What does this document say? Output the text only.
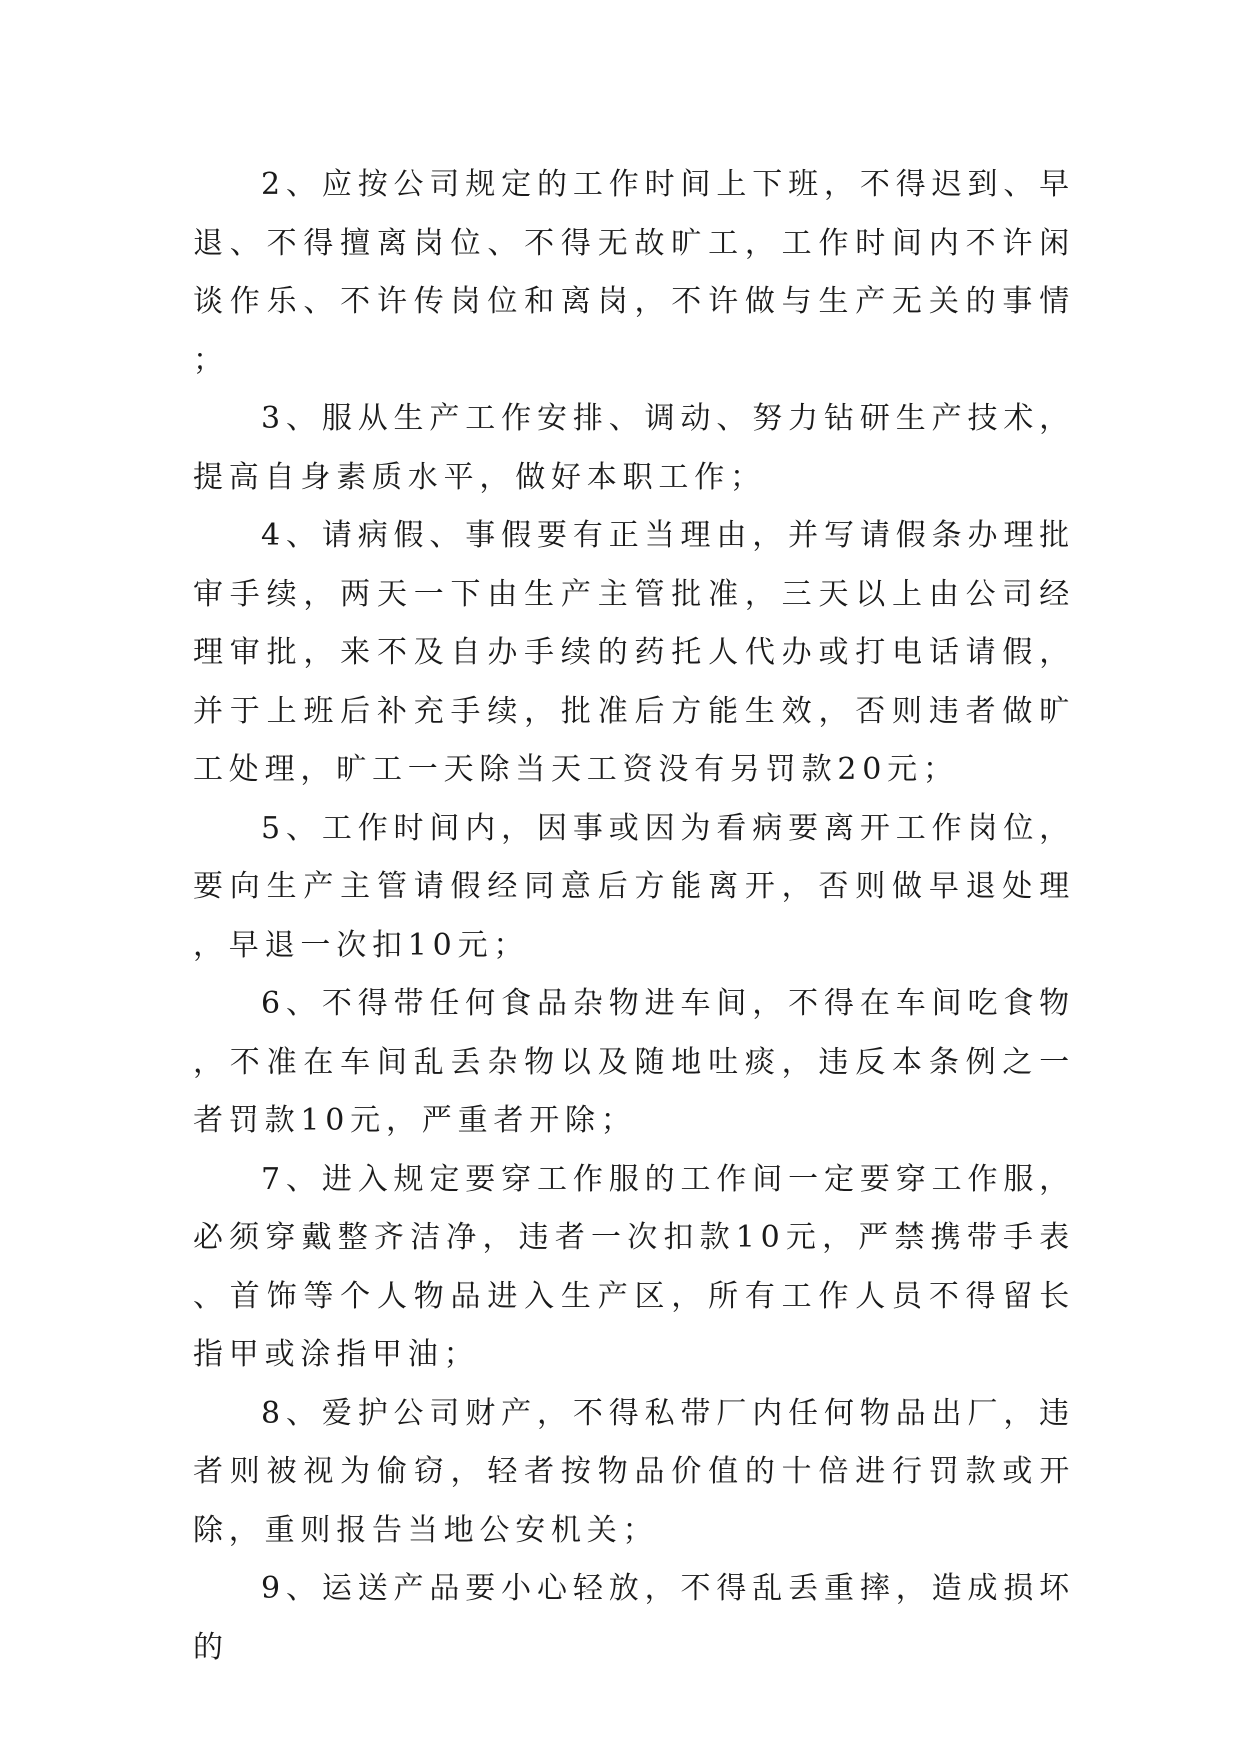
2、应按公司规定的工作时间上下班，不得迟到、早退、不得擅离岗位、不得无故旷工，工作时间内不许闲谈作乐、不许传岗位和离岗，不许做与生产无关的事情；

3、服从生产工作安排、调动、努力钻研生产技术，提高自身素质水平，做好本职工作；

4、请病假、事假要有正当理由，并写请假条办理批审手续，两天一下由生产主管批准，三天以上由公司经理审批，来不及自办手续的药托人代办或打电话请假，并于上班后补充手续，批准后方能生效，否则违者做旷工处理，旷工一天除当天工资没有另罚款20元；

5、工作时间内，因事或因为看病要离开工作岗位，要向生产主管请假经同意后方能离开，否则做早退处理，早退一次扣10元；

6、不得带任何食品杂物进车间，不得在车间吃食物，不准在车间乱丢杂物以及随地吐痰，违反本条例之一者罚款10元，严重者开除；

7、进入规定要穿工作服的工作间一定要穿工作服，必须穿戴整齐洁净，违者一次扣款10元，严禁携带手表、首饰等个人物品进入生产区，所有工作人员不得留长指甲或涂指甲油；

8、爱护公司财产，不得私带厂内任何物品出厂，违者则被视为偷窃，轻者按物品价值的十倍进行罚款或开除，重则报告当地公安机关；

9、运送产品要小心轻放，不得乱丢重摔，造成损坏的
